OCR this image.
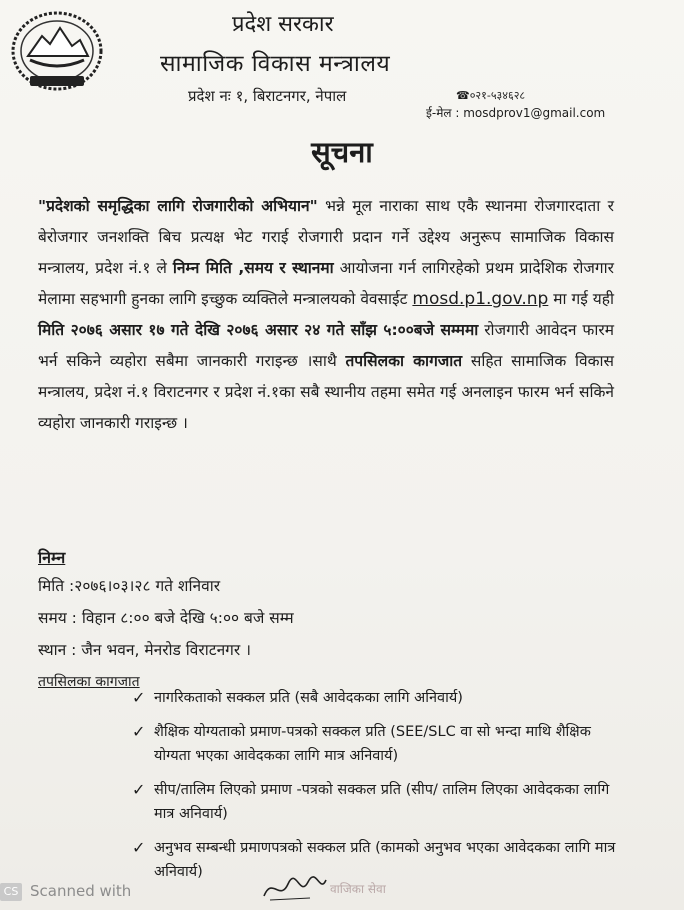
प्रदेश सरकार
सामाजिक विकास मन्त्रालय
प्रदेश नः १, बिराटनगर, नेपाल	☎०२१-५३४६२८
ई-मेल : mosdprov1@gmail.com
सूचना
"प्रदेशको समृद्धिका लागि रोजगारीको अभियान" भन्ने मूल नाराका साथ एकै स्थानमा रोजगारदाता र बेरोजगार जनशक्ति बिच प्रत्यक्ष भेट गराई रोजगारी प्रदान गर्ने उद्देश्य अनुरूप सामाजिक विकास मन्त्रालय, प्रदेश नं.१ ले निम्न मिति ,समय र स्थानमा आयोजना गर्न लागिरहेको प्रथम प्रादेशिक रोजगार मेलामा सहभागी हुनका लागि इच्छुक व्यक्तिले मन्त्रालयको वेवसाईट mosd.p1.gov.np मा गई यही मिति २०७६ असार १७ गते देखि २०७६ असार २४ गते साँझ ५:००बजे सम्ममा रोजगारी आवेदन फारम भर्न सकिने व्यहोरा सबैमा जानकारी गराइन्छ ।साथै तपसिलका कागजात सहित सामाजिक विकास मन्त्रालय, प्रदेश नं.१ विराटनगर र प्रदेश नं.१का सबै स्थानीय तहमा समेत गई अनलाइन फारम भर्न सकिने व्यहोरा जानकारी गराइन्छ ।
निम्न
मिति :२०७६।०३।२८ गते शनिवार
समय : विहान ८:०० बजे देखि ५:०० बजे सम्म
स्थान : जैन भवन, मेनरोड विराटनगर ।
तपसिलका कागजात
✓ नागरिकताको सक्कल प्रति (सबै आवेदकका लागि अनिवार्य)
✓ शैक्षिक योग्यताको प्रमाण-पत्रको सक्कल प्रति (SEE/SLC वा सो भन्दा माथि शैक्षिक योग्यता भएका आवेदकका लागि मात्र अनिवार्य)
✓ सीप/तालिम लिएको प्रमाण -पत्रको सक्कल प्रति (सीप/ तालिम लिएका आवेदकका लागि मात्र अनिवार्य)
✓ अनुभव सम्बन्धी प्रमाणपत्रको सक्कल प्रति (कामको अनुभव भएका आवेदकका लागि मात्र अनिवार्य)
CS Scanned with	वाजिका सेवा
